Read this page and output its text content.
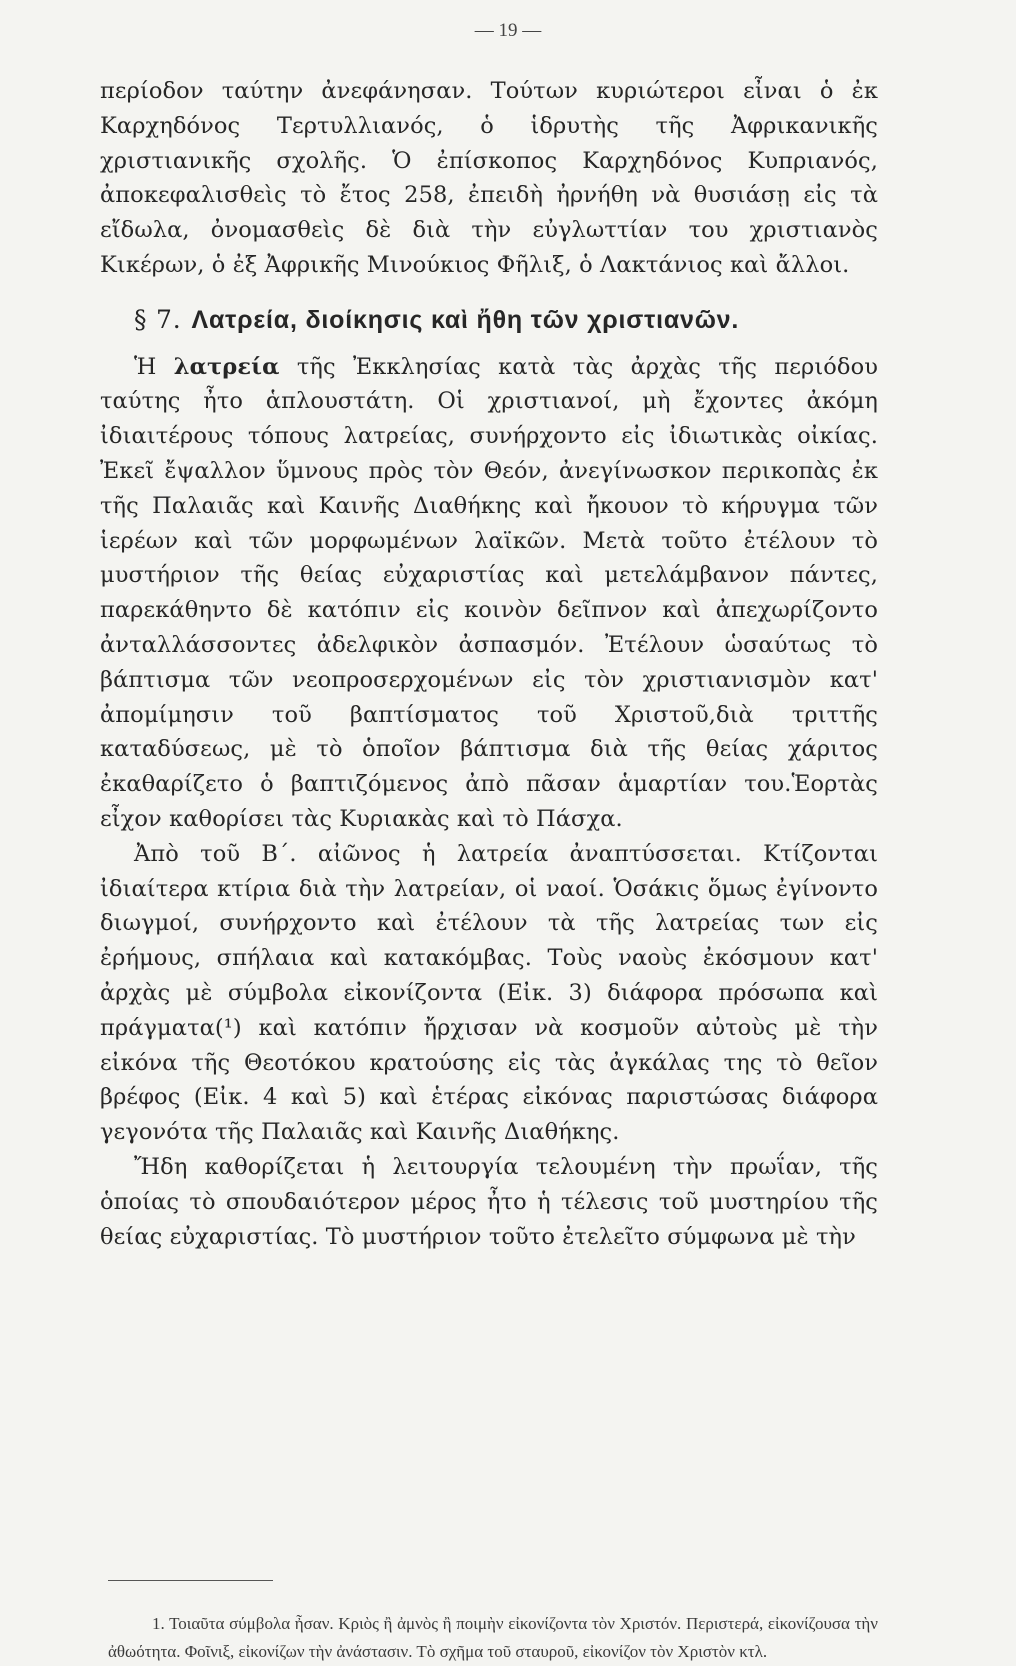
— 19 —

περίοδον ταύτην ἀνεφάνησαν. Τούτων κυριώτεροι εἶναι ὁ ἐκ Καρχηδόνος Τερτυλλιανός, ὁ ἱδρυτὴς τῆς Ἀφρικανικῆς χριστιανικῆς σχολῆς. Ὁ ἐπίσκοπος Καρχηδόνος Κυπριανός, ἀποκεφαλισθεὶς τὸ ἔτος 258, ἐπειδὴ ἠρνήθη νὰ θυσιάσῃ εἰς τὰ εἴδωλα, ὀνομασθεὶς δὲ διὰ τὴν εὐγλωττίαν του χριστιανὸς Κικέρων, ὁ ἐξ Ἀφρικῆς Μινούκιος Φῆλιξ, ὁ Λακτάνιος καὶ ἄλλοι.

§ 7. Λατρεία, διοίκησις καὶ ἤθη τῶν χριστιανῶν.

Ἡ λατρεία τῆς Ἐκκλησίας κατὰ τὰς ἀρχὰς τῆς περιόδου ταύτης ἦτο ἁπλουστάτη. Οἱ χριστιανοί, μὴ ἔχοντες ἀκόμη ἰδιαιτέρους τόπους λατρείας, συνήρχοντο εἰς ἰδιωτικὰς οἰκίας. Ἐκεῖ ἔψαλλον ὕμνους πρὸς τὸν Θεόν, ἀνεγίνωσκον περικοπὰς ἐκ τῆς Παλαιᾶς καὶ Καινῆς Διαθήκης καὶ ἤκουον τὸ κήρυγμα τῶν ἱερέων καὶ τῶν μορφωμένων λαϊκῶν. Μετὰ τοῦτο ἐτέλουν τὸ μυστήριον τῆς θείας εὐχαριστίας καὶ μετελάμβανον πάντες, παρεκάθηντο δὲ κατόπιν εἰς κοινὸν δεῖπνον καὶ ἀπεχωρίζοντο ἀνταλλάσσοντες ἀδελφικὸν ἀσπασμόν. Ἐτέλουν ὡσαύτως τὸ βάπτισμα τῶν νεοπροσερχομένων εἰς τὸν χριστιανισμὸν κατ' ἀπομίμησιν τοῦ βαπτίσματος τοῦ Χριστοῦ,διὰ τριττῆς καταδύσεως, μὲ τὸ ὁποῖον βάπτισμα διὰ τῆς θείας χάριτος ἐκαθαρίζετο ὁ βαπτιζόμενος ἀπὸ πᾶσαν ἁμαρτίαν του.Ἑορτὰς εἶχον καθορίσει τὰς Κυριακὰς καὶ τὸ Πάσχα.

Ἀπὸ τοῦ Β΄. αἰῶνος ἡ λατρεία ἀναπτύσσεται. Κτίζονται ἰδιαίτερα κτίρια διὰ τὴν λατρείαν, οἱ ναοί. Ὁσάκις ὅμως ἐγίνοντο διωγμοί, συνήρχοντο καὶ ἐτέλουν τὰ τῆς λατρείας των εἰς ἐρήμους, σπήλαια καὶ κατακόμβας. Τοὺς ναοὺς ἐκόσμουν κατ' ἀρχὰς μὲ σύμβολα εἰκονίζοντα (Εἰκ. 3) διάφορα πρόσωπα καὶ πράγματα(¹) καὶ κατόπιν ἤρχισαν νὰ κοσμοῦν αὐτοὺς μὲ τὴν εἰκόνα τῆς Θεοτόκου κρατούσης εἰς τὰς ἀγκάλας της τὸ θεῖον βρέφος (Εἰκ. 4 καὶ 5) καὶ ἑτέρας εἰκόνας παριστώσας διάφορα γεγονότα τῆς Παλαιᾶς καὶ Καινῆς Διαθήκης.

Ἤδη καθορίζεται ἡ λειτουργία τελουμένη τὴν πρωΐαν, τῆς ὁποίας τὸ σπουδαιότερον μέρος ἦτο ἡ τέλεσις τοῦ μυστηρίου τῆς θείας εὐχαριστίας. Τὸ μυστήριον τοῦτο ἐτελεῖτο σύμφωνα μὲ τὴν

1. Τοιαῦτα σύμβολα ἦσαν. Κριὸς ἢ ἀμνὸς ἢ ποιμὴν εἰκονίζοντα τὸν Χριστόν. Περιστερά, εἰκονίζουσα τὴν ἀθωότητα. Φοῖνιξ, εἰκονίζων τὴν ἀνάστασιν. Τὸ σχῆμα τοῦ σταυροῦ, εἰκονίζον τὸν Χριστὸν κτλ.
